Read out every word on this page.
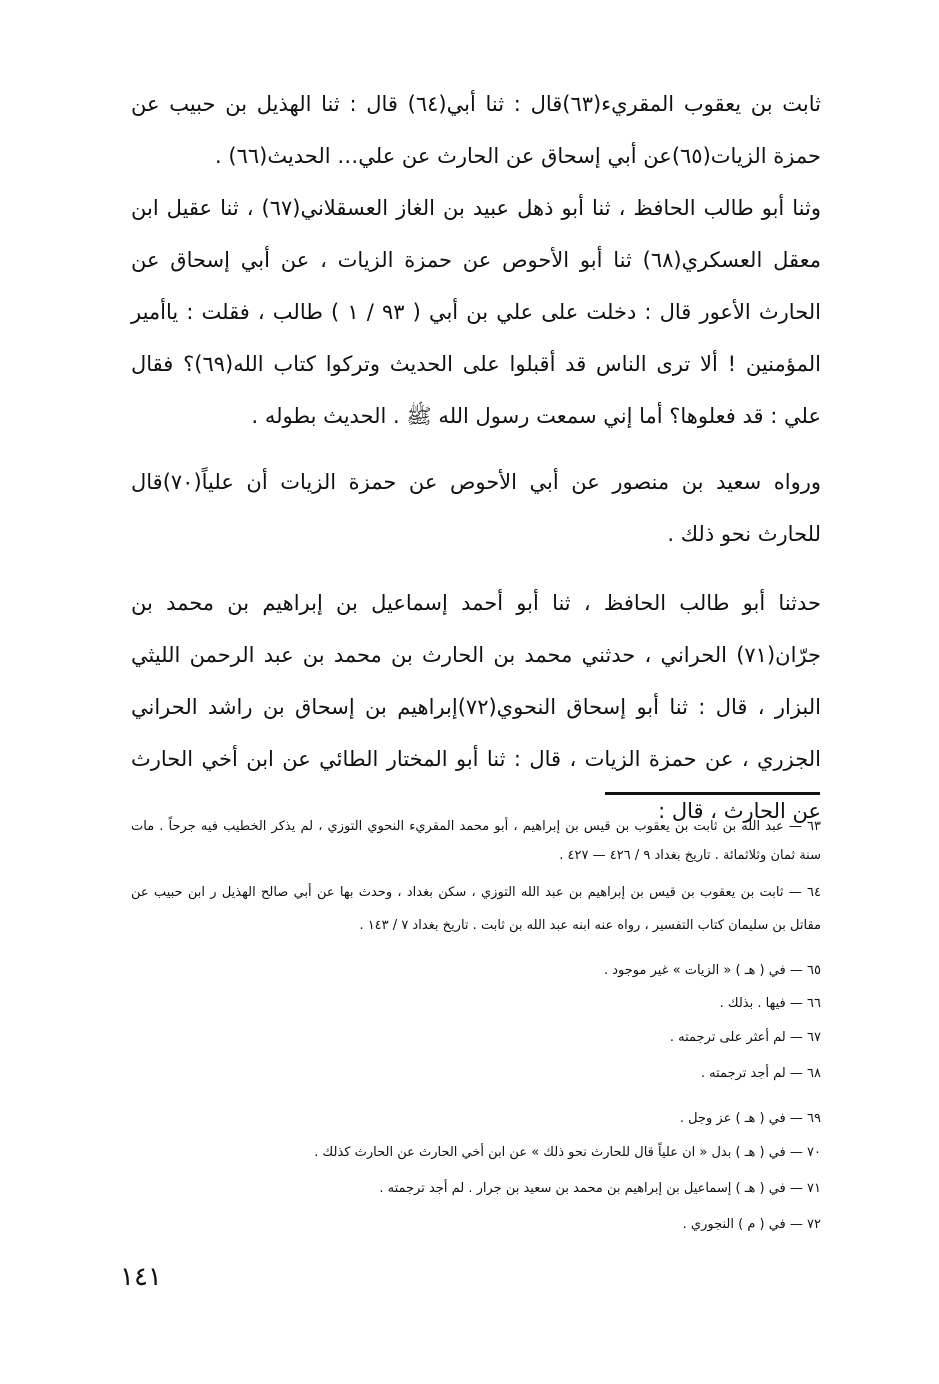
ثابت بن يعقوب المقريء(٦٣)قال : ثنا أبي(٦٤) قال : ثنا الهذيل بن حبيب عن حمزة الزيات(٦٥)عن أبي إسحاق عن الحارث عن علي… الحديث(٦٦) .

وثنا أبو طالب الحافظ ، ثنا أبو ذهل عبيد بن الغاز العسقلاني(٦٧) ، ثنا عقيل ابن معقل العسكري(٦٨) ثنا أبو الأحوص عن حمزة الزيات ، عن أبي إسحاق عن الحارث الأعور قال : دخلت على علي بن أبي ( ٩٣ / ١ ) طالب ، فقلت : ياأمير المؤمنين ! ألا ترى الناس قد أقبلوا على الحديث وتركوا كتاب الله(٦٩)؟ فقال علي : قد فعلوها؟ أما إني سمعت رسول الله ﷺ . الحديث بطوله .

ورواه سعيد بن منصور عن أبي الأحوص عن حمزة الزيات أن علياً(٧٠)قال للحارث نحو ذلك .

حدثنا أبو طالب الحافظ ، ثنا أبو أحمد إسماعيل بن إبراهيم بن محمد بن جرّان(٧١) الحراني ، حدثني محمد بن الحارث بن محمد بن عبد الرحمن الليثي البزار ، قال : ثنا أبو إسحاق النحوي(٧٢)إبراهيم بن إسحاق بن راشد الحراني الجزري ، عن حمزة الزيات ، قال : ثنا أبو المختار الطائي عن ابن أخي الحارث عن الحارث ، قال :

٦٣ — عبد الله بن ثابت بن يعقوب بن قيس بن إبراهيم ، أبو محمد المقريء النحوي التوزي ، لم يذكر الخطيب فيه جرحاً . مات سنة ثمان وثلاثمائة . تاريخ بغداد ٩ / ٤٢٦ — ٤٢٧ .
٦٤ — ثابت بن يعقوب بن قيس بن إبراهيم بن عبد الله التوزي ، سكن بغداد ، وحدث بها عن أبي صالح الهذيل ر ابن حبيب عن مقاتل بن سليمان كتاب التفسير ، رواه عنه ابنه عبد الله بن ثابت . تاريخ بغداد ٧ / ١٤٣ .
٦٥ — في ( هـ ) « الزيات » غير موجود .
٦٦ — فيها . بذلك .
٦٧ — لم أعثر على ترجمته .
٦٨ — لم أجد ترجمته .
٦٩ — في ( هـ ) عز وجل .
٧٠ — في ( هـ ) بدل « ان علياً قال للحارث نحو ذلك » عن ابن أخي الحارث عن الحارث كذلك .
٧١ — في ( هـ ) إسماعيل بن إبراهيم بن محمد بن سعيد بن جرار . لم أجد ترجمته .
٧٢ — في ( م ) النجوري .
١٤١
